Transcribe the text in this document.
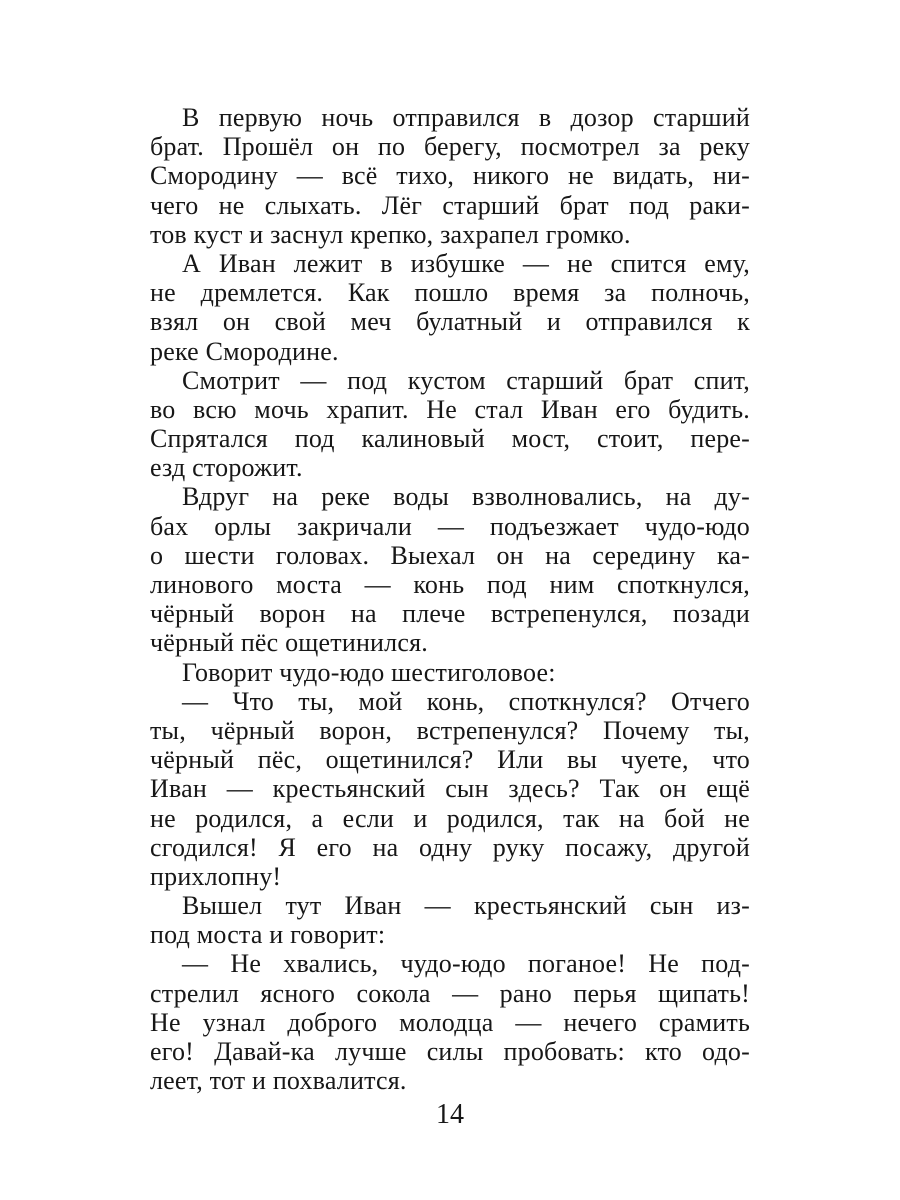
В первую ночь отправился в дозор старший
брат. Прошёл он по берегу, посмотрел за реку
Смородину — всё тихо, никого не видать, ни-
чего не слыхать. Лёг старший брат под раки-
тов куст и заснул крепко, захрапел громко.
А Иван лежит в избушке — не спится ему,
не дремлется. Как пошло время за полночь,
взял он свой меч булатный и отправился к
реке Смородине.
Смотрит — под кустом старший брат спит,
во всю мочь храпит. Не стал Иван его будить.
Спрятался под калиновый мост, стоит, пере-
езд сторожит.
Вдруг на реке воды взволновались, на ду-
бах орлы закричали — подъезжает чудо-юдо
о шести головах. Выехал он на середину ка-
линового моста — конь под ним споткнулся,
чёрный ворон на плече встрепенулся, позади
чёрный пёс ощетинился.
Говорит чудо-юдо шестиголовое:
— Что ты, мой конь, споткнулся? Отчего
ты, чёрный ворон, встрепенулся? Почему ты,
чёрный пёс, ощетинился? Или вы чуете, что
Иван — крестьянский сын здесь? Так он ещё
не родился, а если и родился, так на бой не
сгодился! Я его на одну руку посажу, другой
прихлопну!
Вышел тут Иван — крестьянский сын из-
под моста и говорит:
— Не хвались, чудо-юдо поганое! Не под-
стрелил ясного сокола — рано перья щипать!
Не узнал доброго молодца — нечего срамить
его! Давай-ка лучше силы пробовать: кто одо-
леет, тот и похвалится.
14
